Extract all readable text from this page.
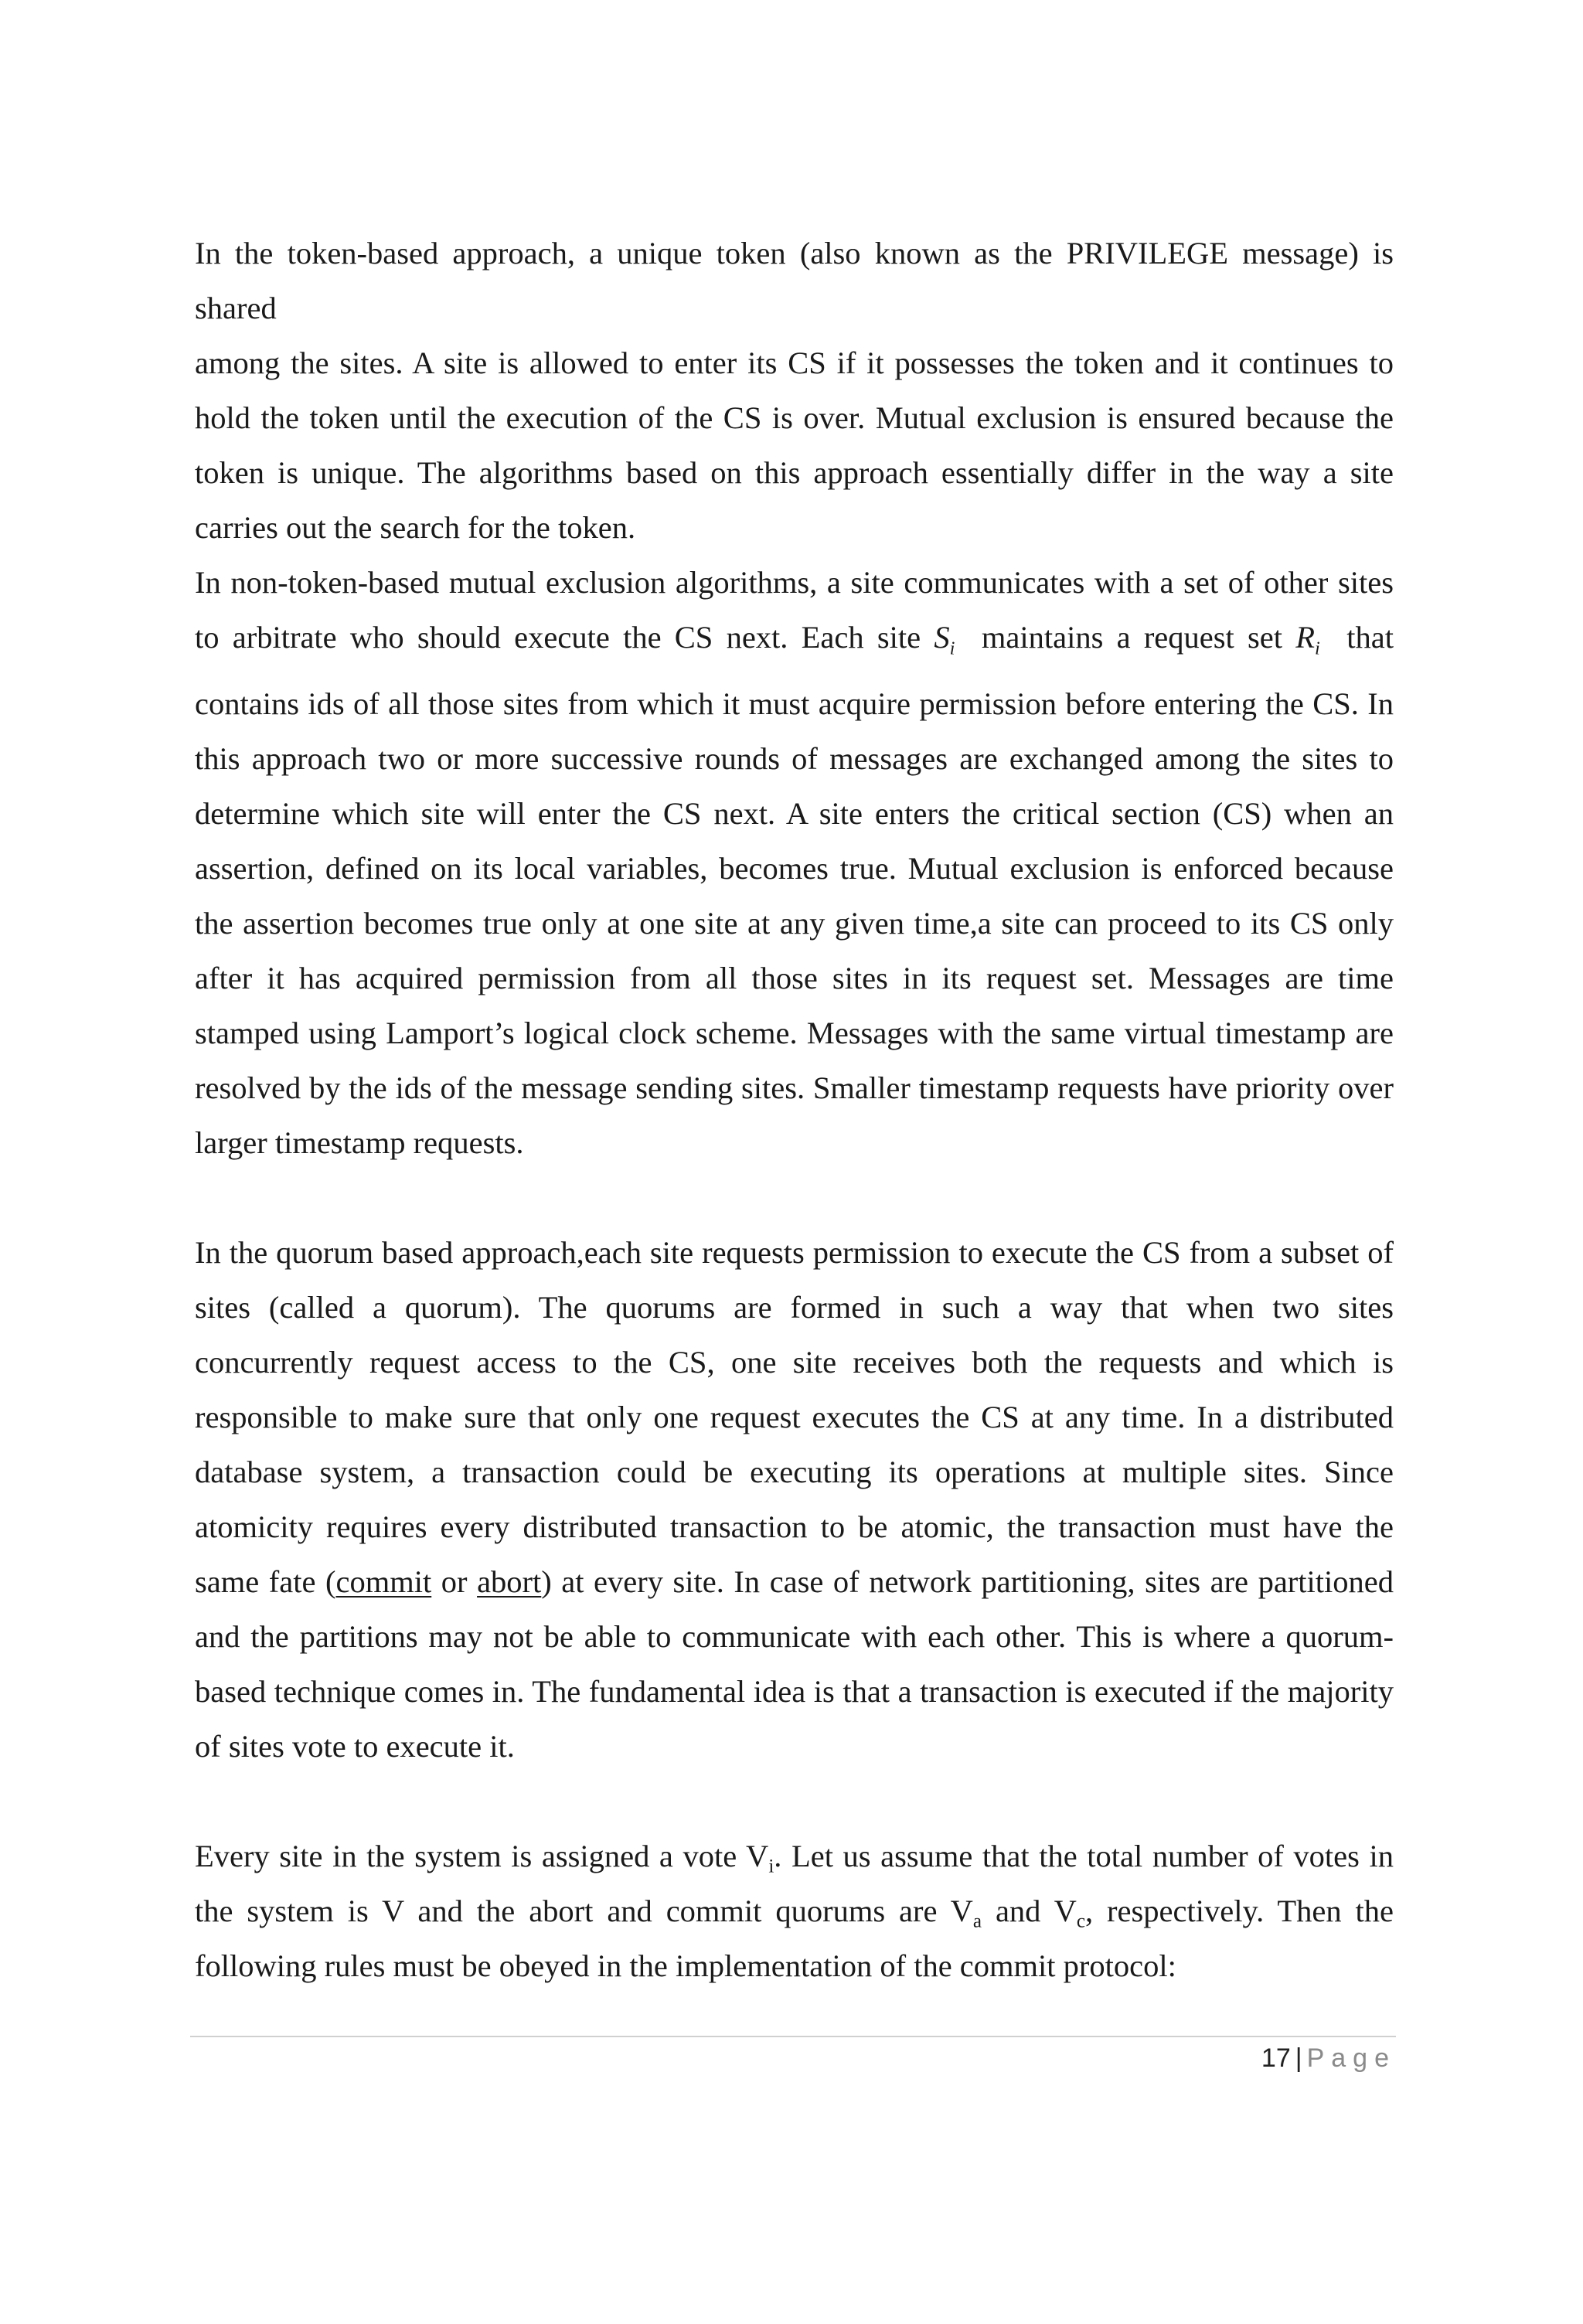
In the token-based approach, a unique token (also known as the PRIVILEGE message) is shared

among the sites. A site is allowed to enter its CS if it possesses the token and it continues to hold the token until the execution of the CS is over. Mutual exclusion is ensured because the token is unique. The algorithms based on this approach essentially differ in the way a site carries out the search for the token.

In non-token-based mutual exclusion algorithms, a site communicates with a set of other sites to arbitrate who should execute the CS next. Each site $S_i$ maintains a request set $R_i$ that contains ids of all those sites from which it must acquire permission before entering the CS. In this approach two or more successive rounds of messages are exchanged among the sites to determine which site will enter the CS next. A site enters the critical section (CS) when an assertion, defined on its local variables, becomes true. Mutual exclusion is enforced because the assertion becomes true only at one site at any given time,a site can proceed to its CS only after it has acquired permission from all those sites in its request set. Messages are time stamped using Lamport’s logical clock scheme. Messages with the same virtual timestamp are resolved by the ids of the message sending sites. Smaller timestamp requests have priority over larger timestamp requests.

In the quorum based approach,each site requests permission to execute the CS from a subset of sites (called a quorum). The quorums are formed in such a way that when two sites concurrently request access to the CS, one site receives both the requests and which is responsible to make sure that only one request executes the CS at any time. In a distributed database system, a transaction could be executing its operations at multiple sites. Since atomicity requires every distributed transaction to be atomic, the transaction must have the same fate (commit or abort) at every site. In case of network partitioning, sites are partitioned and the partitions may not be able to communicate with each other. This is where a quorum-based technique comes in. The fundamental idea is that a transaction is executed if the majority of sites vote to execute it.

Every site in the system is assigned a vote $V_i$. Let us assume that the total number of votes in the system is V and the abort and commit quorums are $V_a$ and $V_c$, respectively. Then the following rules must be obeyed in the implementation of the commit protocol:

17 | Page
